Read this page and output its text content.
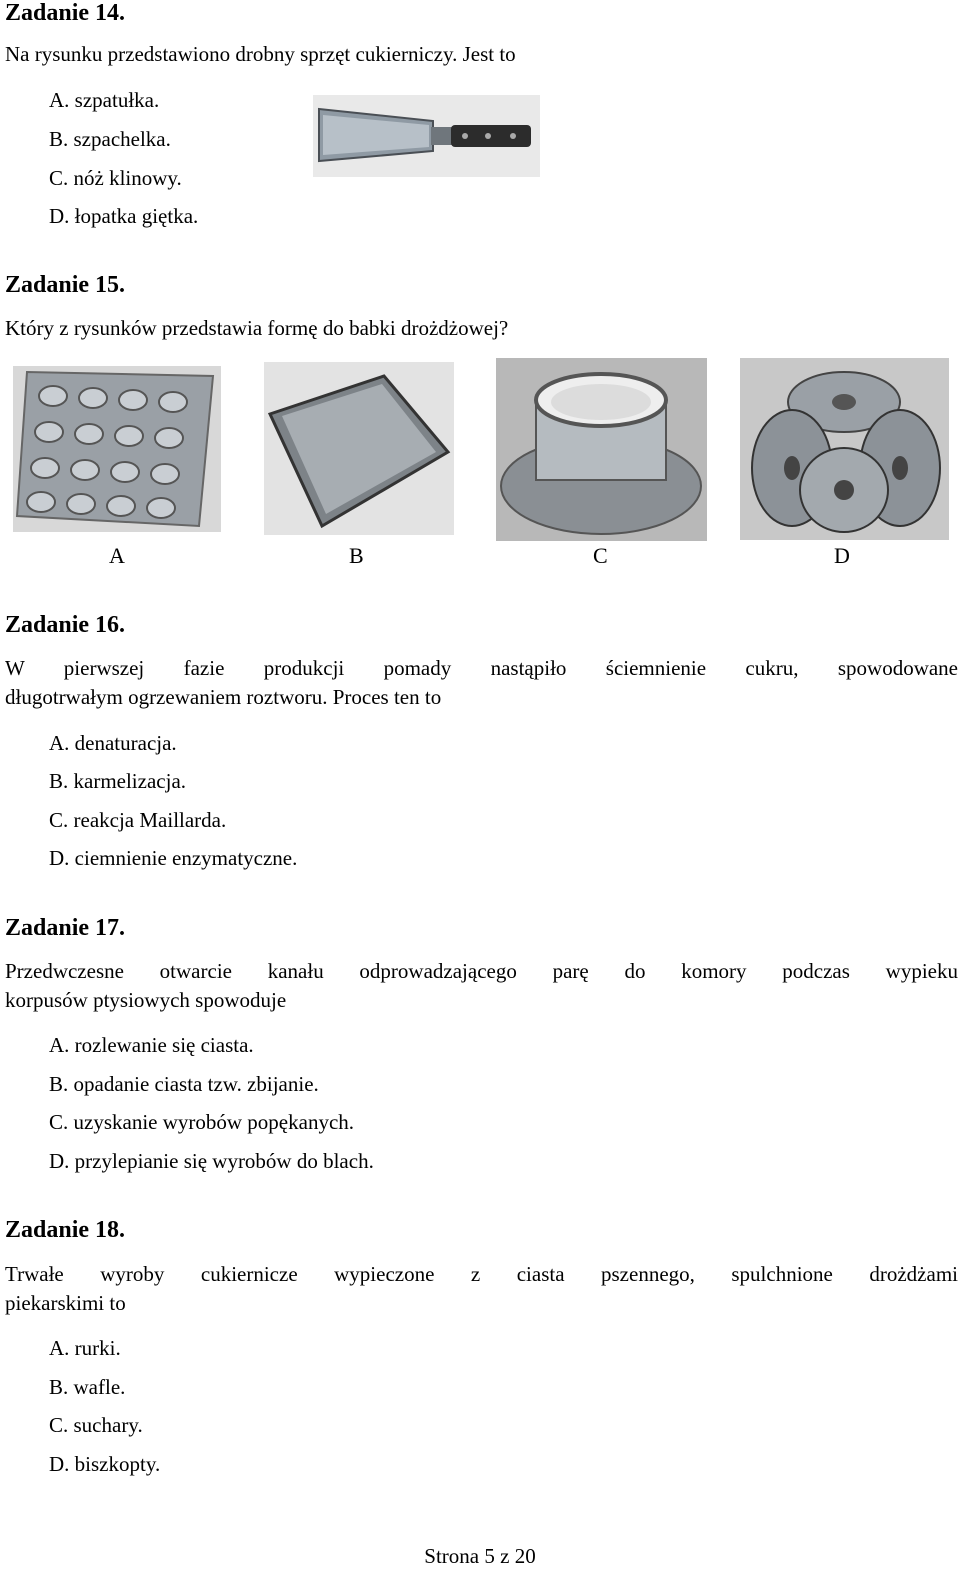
Zadanie 14.
Na rysunku przedstawiono drobny sprzęt cukierniczy. Jest to
A. szpatułka.
B. szpachelka.
C. nóż klinowy.
D. łopatka giętka.
Zadanie 15.
Który z rysunków przedstawia formę do babki drożdżowej?
A	B	C	D
Zadanie 16.
W pierwszej fazie produkcji pomady nastąpiło ściemnienie cukru, spowodowane
długotrwałym ogrzewaniem roztworu. Proces ten to
A. denaturacja.
B. karmelizacja.
C. reakcja Maillarda.
D. ciemnienie enzymatyczne.
Zadanie 17.
Przedwczesne otwarcie kanału odprowadzającego parę do komory podczas wypieku
korpusów ptysiowych spowoduje
A. rozlewanie się ciasta.
B. opadanie ciasta tzw. zbijanie.
C. uzyskanie wyrobów popękanych.
D. przylepianie się wyrobów do blach.
Zadanie 18.
Trwałe wyroby cukiernicze wypieczone z ciasta pszennego, spulchnione drożdżami
piekarskimi to
A. rurki.
B. wafle.
C. suchary.
D. biszkopty.
Strona 5 z 20
